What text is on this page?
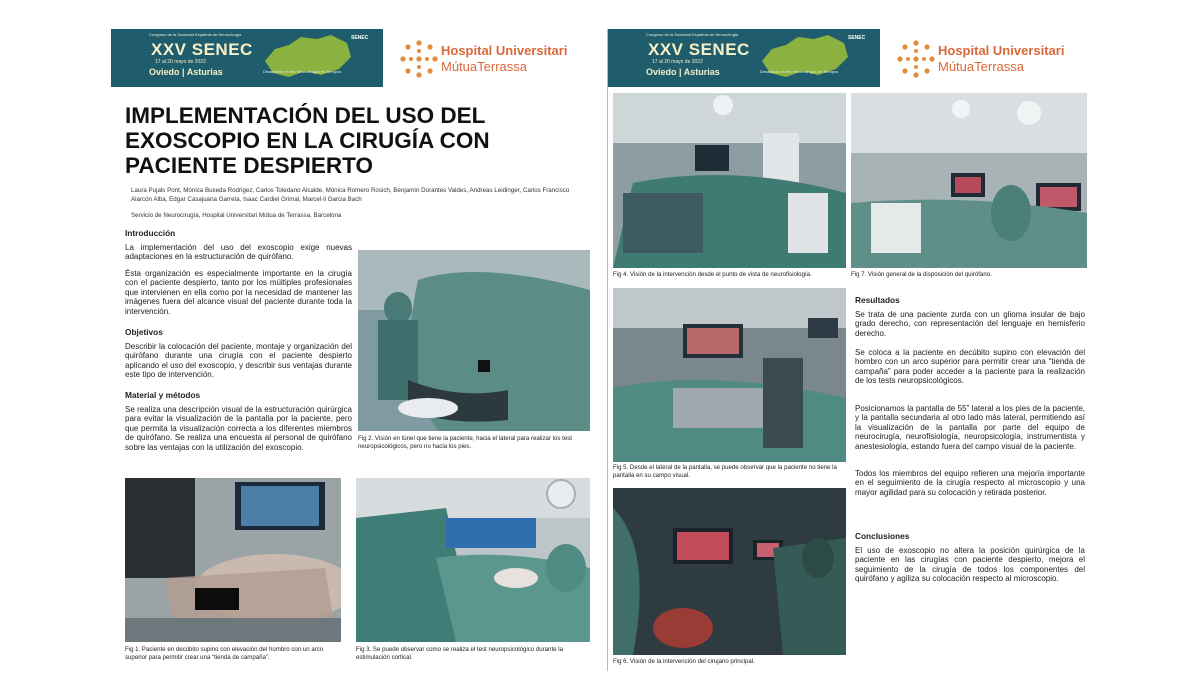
Congreso de la Sociedad Española de Neurocirugía
XXV SENEC
17 al 20 mayo de 2022
Oviedo | Asturias	Desafiando el reto Neurocirugía en Tiempos
SENEC
Hospital Universitari
MútuaTerrassa
IMPLEMENTACIÓN DEL USO DEL EXOSCOPIO EN LA CIRUGÍA CON PACIENTE DESPIERTO
Laura Pujals Pont, Mónica Buxeda Rodrigez, Carlos Toledano Alcalde, Mónica Romero Rosich, Benjamín Dorantes Valdes, Andreas Leidinger, Carlos Francisco Alarcón Alba, Edgar Casajuana Garreta, Isaac Cardiel Grimal, Marcel·li Garcia Bach
Servicio de Neurocirugía, Hospital Universitari Mútua de Terrassa, Barcelona
Introducción
La implementación del uso del exoscopio exige nuevas adaptaciones en la estructuración de quirófano.
Ésta organización es especialmente importante en la cirugía con el paciente despierto, tanto por los múltiples profesionales que intervienen en ella como por la necesidad de mantener las imágenes fuera del alcance visual del paciente durante toda la intervención.
Objetivos
Describir la colocación del paciente, montaje y organización del quirófano durante una cirugía con el paciente despierto aplicando el uso del exoscopio, y describir sus ventajas durante este tipo de intervención.
Material y métodos
Se realiza una descripción visual de la estructuración quirúrgica para evitar la visualización de la pantalla por la paciente, pero que permita la visualización correcta a los diferentes miembros de quirófano. Se realiza una encuesta al personal de quirófano sobre las ventajas con la utilización del exoscopio.
Fig 2. Visión en túnel que tiene la paciente, hacia el lateral para realizar los test neuropsicológicos, pero no hacia los pies.
Fig 1. Paciente en decúbito supino con elevación del hombro con un arco superior para permitir crear una “tienda de campaña”.
Fig 3. Se puede observar como se realiza el test neuropsicológico durante la estimulación cortical.
Congreso de la Sociedad Española de Neurocirugía
XXV SENEC
17 al 20 mayo de 2022
Oviedo | Asturias	Desafiando el reto Neurocirugía en Tiempos
SENEC
Hospital Universitari
MútuaTerrassa
Fig 4. Visión de la intervención desde el punto de vista de neurofisiología.	Fig 7. Visión general de la disposición del quirófano.
Fig 5. Desde el lateral de la pantalla, se puede observar que la paciente no tiene la pantalla en su campo visual.
Fig 6. Visión de la intervención del cirujano principal.
Resultados
Se trata de una paciente zurda con un glioma insular de bajo grado derecho, con representación del lenguaje en hemisferio derecho.
Se coloca a la paciente en decúbito supino con elevación del hombro con un arco superior para permitir crear una “tienda de campaña” para poder acceder a la paciente para la realización de los tests neuropsicológicos.
Posicionamos la pantalla de 55” lateral a los pies de la paciente, y la pantalla secundaria al otro lado más lateral, permitiendo así la visualización de la pantalla por parte del equipo de neurocirugía, neurofisiología, neuropsicología, instrumentista y anestesiología, estando fuera del campo visual de la paciente.
Todos los miembros del equipo refieren una mejoría importante en el seguimiento de la cirugía respecto al microscopio y una mayor agilidad para su colocación y retirada posterior.
Conclusiones
El uso de exoscopio no altera la posición quirúrgica de la paciente en las cirugías con paciente despierto, mejora el seguimiento de la cirugía de todos los componentes del quirófano y agiliza su colocación respecto al microscopio.
